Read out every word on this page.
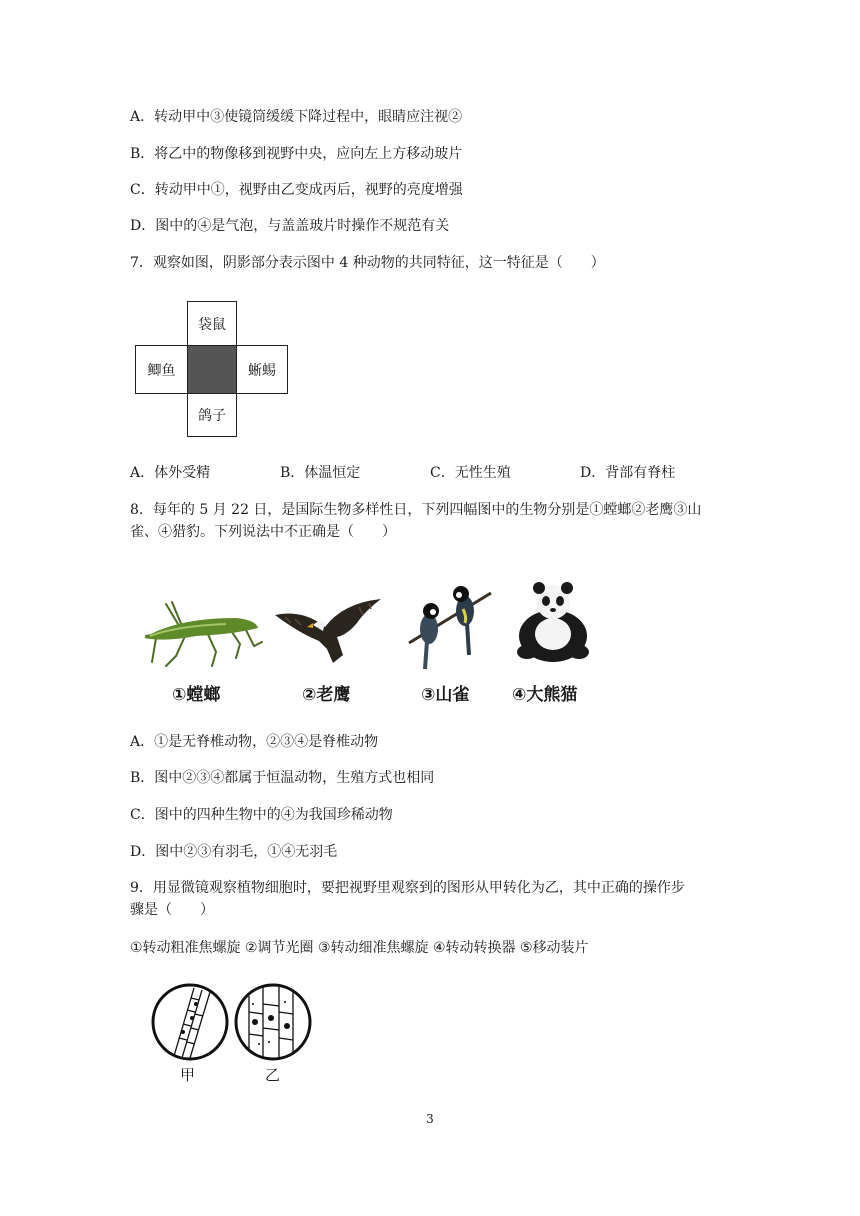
A．转动甲中③使镜筒缓缓下降过程中，眼睛应注视②
B．将乙中的物像移到视野中央，应向左上方移动玻片
C．转动甲中①，视野由乙变成丙后，视野的亮度增强
D．图中的④是气泡，与盖盖玻片时操作不规范有关
7．观察如图，阴影部分表示图中 4 种动物的共同特征，这一特征是（　　）
袋鼠
鲫鱼	蜥蜴
鸽子
A．体外受精	B．体温恒定	C．无性生殖	D．背部有脊柱
8．每年的 5 月 22 日，是国际生物多样性日，下列四幅图中的生物分别是①螳螂②老鹰③山
雀、④猎豹。下列说法中不正确是（　　）
①螳螂	②老鹰	③山雀	④大熊猫
A．①是无脊椎动物，②③④是脊椎动物
B．图中②③④都属于恒温动物，生殖方式也相同
C．图中的四种生物中的④为我国珍稀动物
D．图中②③有羽毛，①④无羽毛
9．用显微镜观察植物细胞时，要把视野里观察到的图形从甲转化为乙，其中正确的操作步
骤是（　　）
①转动粗准焦螺旋 ②调节光圈 ③转动细准焦螺旋 ④转动转换器 ⑤移动装片
甲	乙
3
